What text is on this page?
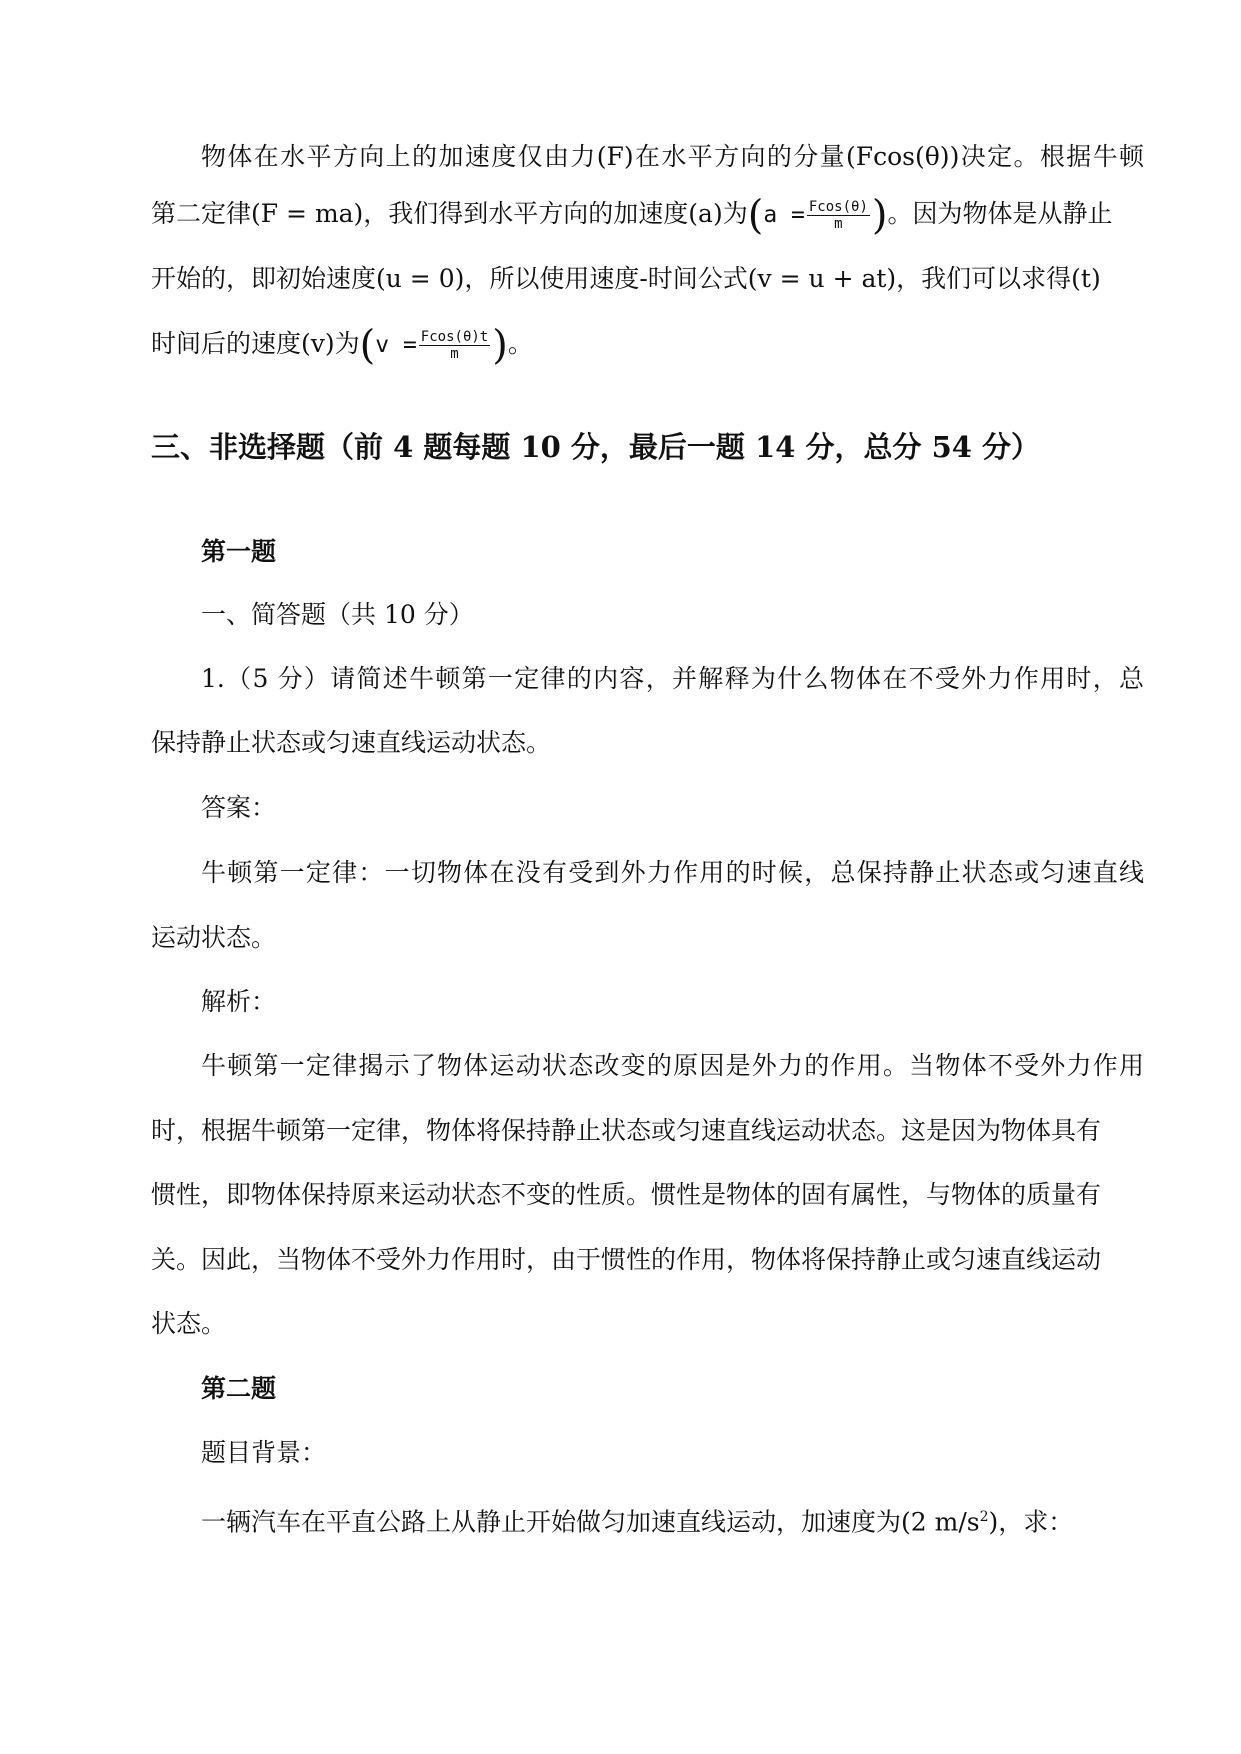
物体在水平方向上的加速度仅由力(F)在水平方向的分量(Fcos(θ))决定。根据牛顿
第二定律(F = ma)，我们得到水平方向的加速度(a)为($a = \frac{Fcos(\theta)}{m}$ )。因为物体是从静止
开始的，即初始速度(u = 0)，所以使用速度-时间公式(v = u + at)，我们可以求得(t)
时间后的速度(v)为($v = \frac{Fcos(\theta)t}{m}$ )。
三、非选择题（前 4 题每题 10 分，最后一题 14 分，总分 54 分）
第一题
一、简答题（共 10 分）
1.（5 分）请简述牛顿第一定律的内容，并解释为什么物体在不受外力作用时，总
保持静止状态或匀速直线运动状态。
答案：
牛顿第一定律：一切物体在没有受到外力作用的时候，总保持静止状态或匀速直线
运动状态。
解析：
牛顿第一定律揭示了物体运动状态改变的原因是外力的作用。当物体不受外力作用
时，根据牛顿第一定律，物体将保持静止状态或匀速直线运动状态。这是因为物体具有
惯性，即物体保持原来运动状态不变的性质。惯性是物体的固有属性，与物体的质量有
关。因此，当物体不受外力作用时，由于惯性的作用，物体将保持静止或匀速直线运动
状态。
第二题
题目背景：
一辆汽车在平直公路上从静止开始做匀加速直线运动，加速度为(2 $m/s^2$)，求：
